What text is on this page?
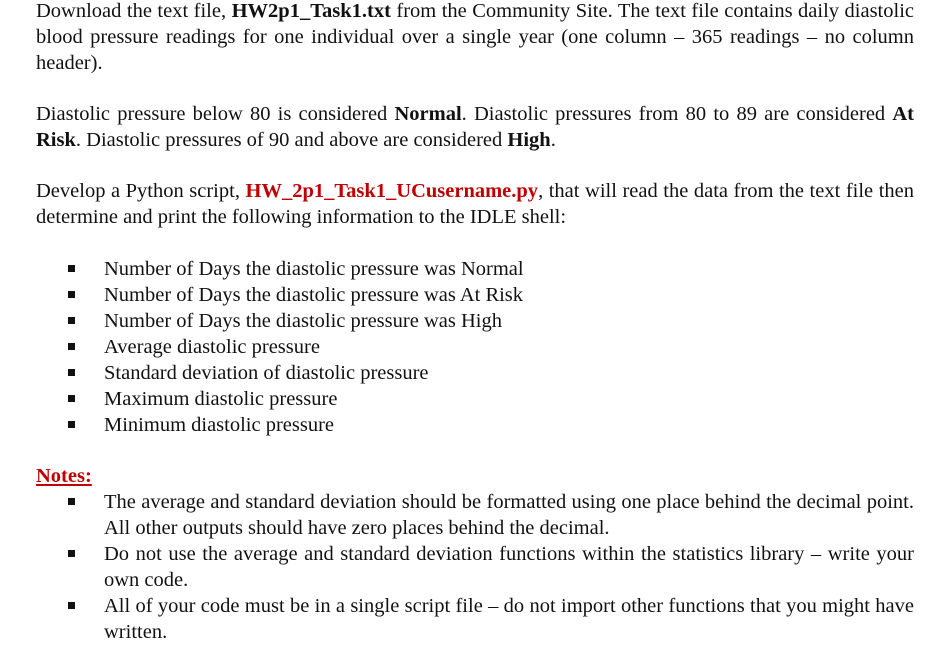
Download the text file, HW2p1_Task1.txt from the Community Site. The text file contains daily diastolic blood pressure readings for one individual over a single year (one column – 365 readings – no column header).

Diastolic pressure below 80 is considered Normal. Diastolic pressures from 80 to 89 are considered At Risk. Diastolic pressures of 90 and above are considered High.

Develop a Python script, HW_2p1_Task1_UCusername.py, that will read the data from the text file then determine and print the following information to the IDLE shell:

Number of Days the diastolic pressure was Normal
Number of Days the diastolic pressure was At Risk
Number of Days the diastolic pressure was High
Average diastolic pressure
Standard deviation of diastolic pressure
Maximum diastolic pressure
Minimum diastolic pressure

Notes:

The average and standard deviation should be formatted using one place behind the decimal point. All other outputs should have zero places behind the decimal.
Do not use the average and standard deviation functions within the statistics library – write your own code.
All of your code must be in a single script file – do not import other functions that you might have written.
